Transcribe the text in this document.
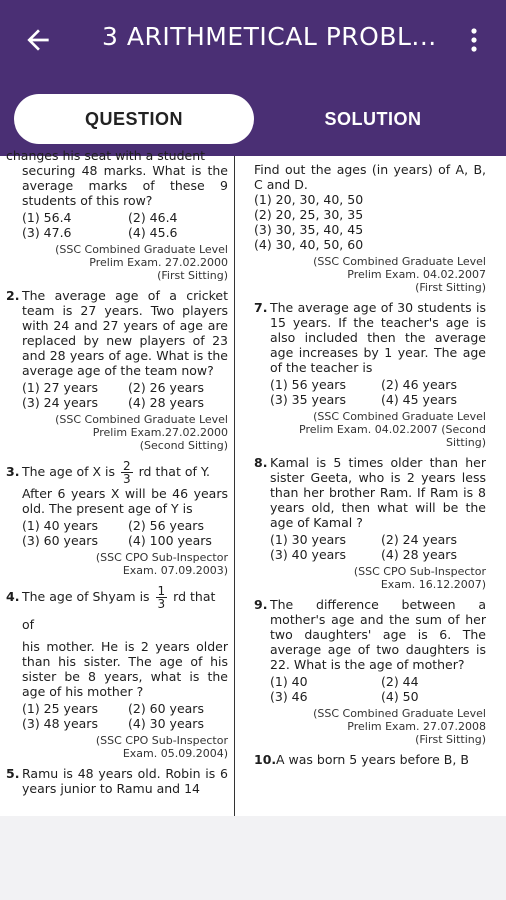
3 ARITHMETICAL PROBL...
QUESTION	SOLUTION
changes his seat with a student
securing 48 marks. What is the average marks of these 9 students of this row?
(1) 56.4	(2) 46.4
(3) 47.6	(4) 45.6
(SSC Combined Graduate Level
Prelim Exam. 27.02.2000
(First Sitting)
2. The average age of a cricket team is 27 years. Two players with 24 and 27 years of age are replaced by new players of 23 and 28 years of age. What is the average age of the team now?
(1) 27 years	(2) 26 years
(3) 24 years	(4) 28 years
(SSC Combined Graduate Level
Prelim Exam.27.02.2000
(Second Sitting)
3. The age of X is $\frac{2}{3}$ rd that of Y.
After 6 years X will be 46 years old. The present age of Y is
(1) 40 years	(2) 56 years
(3) 60 years	(4) 100 years
(SSC CPO Sub-Inspector
Exam. 07.09.2003)
4. The age of Shyam is $\frac{1}{3}$ rd that of
his mother. He is 2 years older than his sister. The age of his sister be 8 years, what is the age of his mother ?
(1) 25 years	(2) 60 years
(3) 48 years	(4) 30 years
(SSC CPO Sub-Inspector
Exam. 05.09.2004)
5. Ramu is 48 years old. Robin is 6 years junior to Ramu and 14
Find out the ages (in years) of A, B, C and D.
(1) 20, 30, 40, 50
(2) 20, 25, 30, 35
(3) 30, 35, 40, 45
(4) 30, 40, 50, 60
(SSC Combined Graduate Level
Prelim Exam. 04.02.2007
(First Sitting)
7. The average age of 30 students is 15 years. If the teacher's age is also included then the average age increases by 1 year. The age of the teacher is
(1) 56 years	(2) 46 years
(3) 35 years	(4) 45 years
(SSC Combined Graduate Level
Prelim Exam. 04.02.2007 (Second
Sitting)
8. Kamal is 5 times older than her sister Geeta, who is 2 years less than her brother Ram. If Ram is 8 years old, then what will be the age of Kamal ?
(1) 30 years	(2) 24 years
(3) 40 years	(4) 28 years
(SSC CPO Sub-Inspector
Exam. 16.12.2007)
9. The difference between a mother's age and the sum of her two daughters' age is 6. The average age of two daughters is 22. What is the age of mother?
(1) 40	(2) 44
(3) 46	(4) 50
(SSC Combined Graduate Level
Prelim Exam. 27.07.2008
(First Sitting)
10. A was born 5 years before B, B
